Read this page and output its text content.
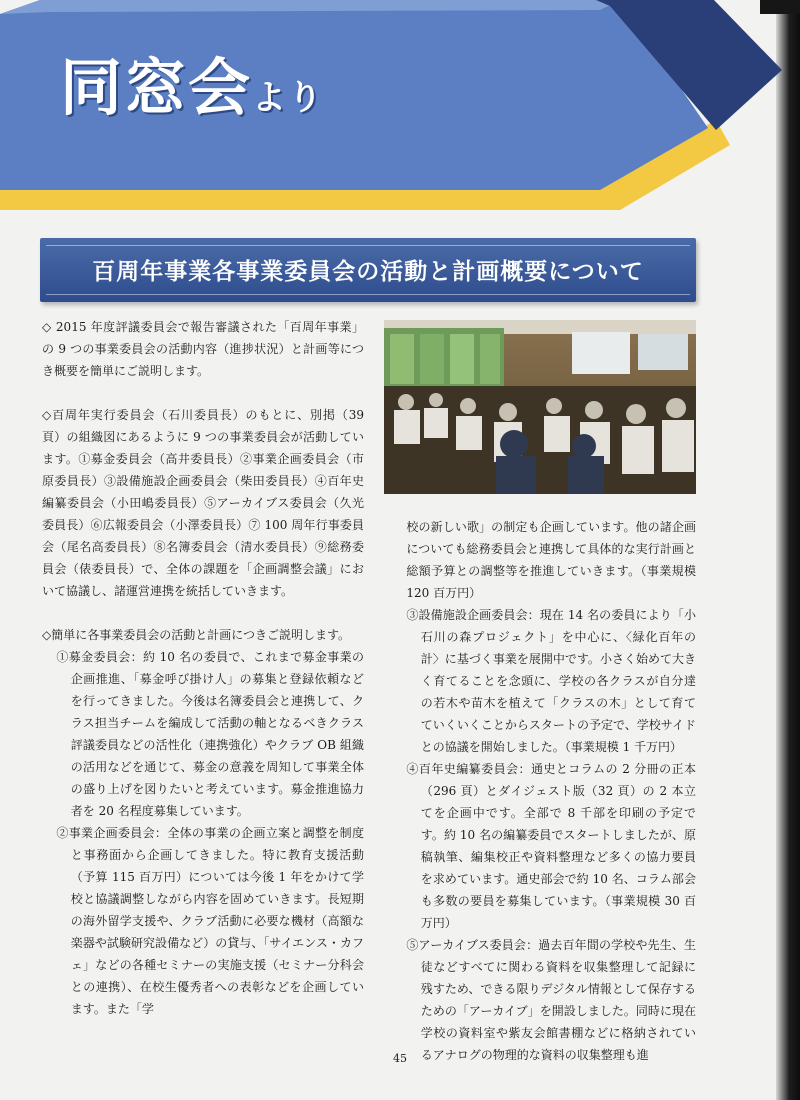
同窓会より
百周年事業各事業委員会の活動と計画概要について

◇ 2015 年度評議委員会で報告審議された「百周年事業」の 9 つの事業委員会の活動内容（進捗状況）と計画等につき概要を簡単にご説明します。

◇百周年実行委員会（石川委員長）のもとに、別掲（39 頁）の組織図にあるように 9 つの事業委員会が活動しています。①募金委員会（高井委員長）②事業企画委員会（市原委員長）③設備施設企画委員会（柴田委員長）④百年史編纂委員会（小田嶋委員長）⑤アーカイブス委員会（久光委員長）⑥広報委員会（小澤委員長）⑦ 100 周年行事委員会（尾名高委員長）⑧名簿委員会（清水委員長）⑨総務委員会（俵委員長）で、全体の課題を「企画調整会議」において協議し、諸運営連携を統括していきます。

◇簡単に各事業委員会の活動と計画につきご説明します。

①募金委員会：約 10 名の委員で、これまで募金事業の企画推進、「募金呼び掛け人」の募集と登録依頼などを行ってきました。今後は名簿委員会と連携して、クラス担当チームを編成して活動の軸となるべきクラス評議委員などの活性化（連携強化）やクラブ OB 組織の活用などを通じて、募金の意義を周知して事業全体の盛り上げを図りたいと考えています。募金推進協力者を 20 名程度募集しています。

②事業企画委員会：全体の事業の企画立案と調整を制度と事務面から企画してきました。特に教育支援活動（予算 115 百万円）については今後 1 年をかけて学校と協議調整しながら内容を固めていきます。長短期の海外留学支援や、クラブ活動に必要な機材（高額な楽器や試験研究設備など）の貸与、「サイエンス・カフェ」などの各種セミナーの実施支援（セミナー分科会との連携）、在校生優秀者への表彰などを企画しています。また「学

校の新しい歌」の制定も企画しています。他の諸企画についても総務委員会と連携して具体的な実行計画と総額予算との調整等を推進していきます。（事業規模 120 百万円）

③設備施設企画委員会：現在 14 名の委員により「小石川の森プロジェクト」を中心に、〈緑化百年の計〉に基づく事業を展開中です。小さく始めて大きく育てることを念頭に、学校の各クラスが自分達の若木や苗木を植えて「クラスの木」として育てていくいくことからスタートの予定で、学校サイドとの協議を開始しました。（事業規模 1 千万円）

④百年史編纂委員会：通史とコラムの 2 分冊の正本（296 頁）とダイジェスト版（32 頁）の 2 本立てを企画中です。全部で 8 千部を印刷の予定です。約 10 名の編纂委員でスタートしましたが、原稿執筆、編集校正や資料整理など多くの協力要員を求めています。通史部会で約 10 名、コラム部会も多数の要員を募集しています。（事業規模 30 百万円）

⑤アーカイブス委員会：過去百年間の学校や先生、生徒などすべてに関わる資料を収集整理して記録に残すため、できる限りデジタル情報として保存するための「アーカイブ」を開設しました。同時に現在学校の資料室や紫友会館書棚などに格納されているアナログの物理的な資料の収集整理も進

45
